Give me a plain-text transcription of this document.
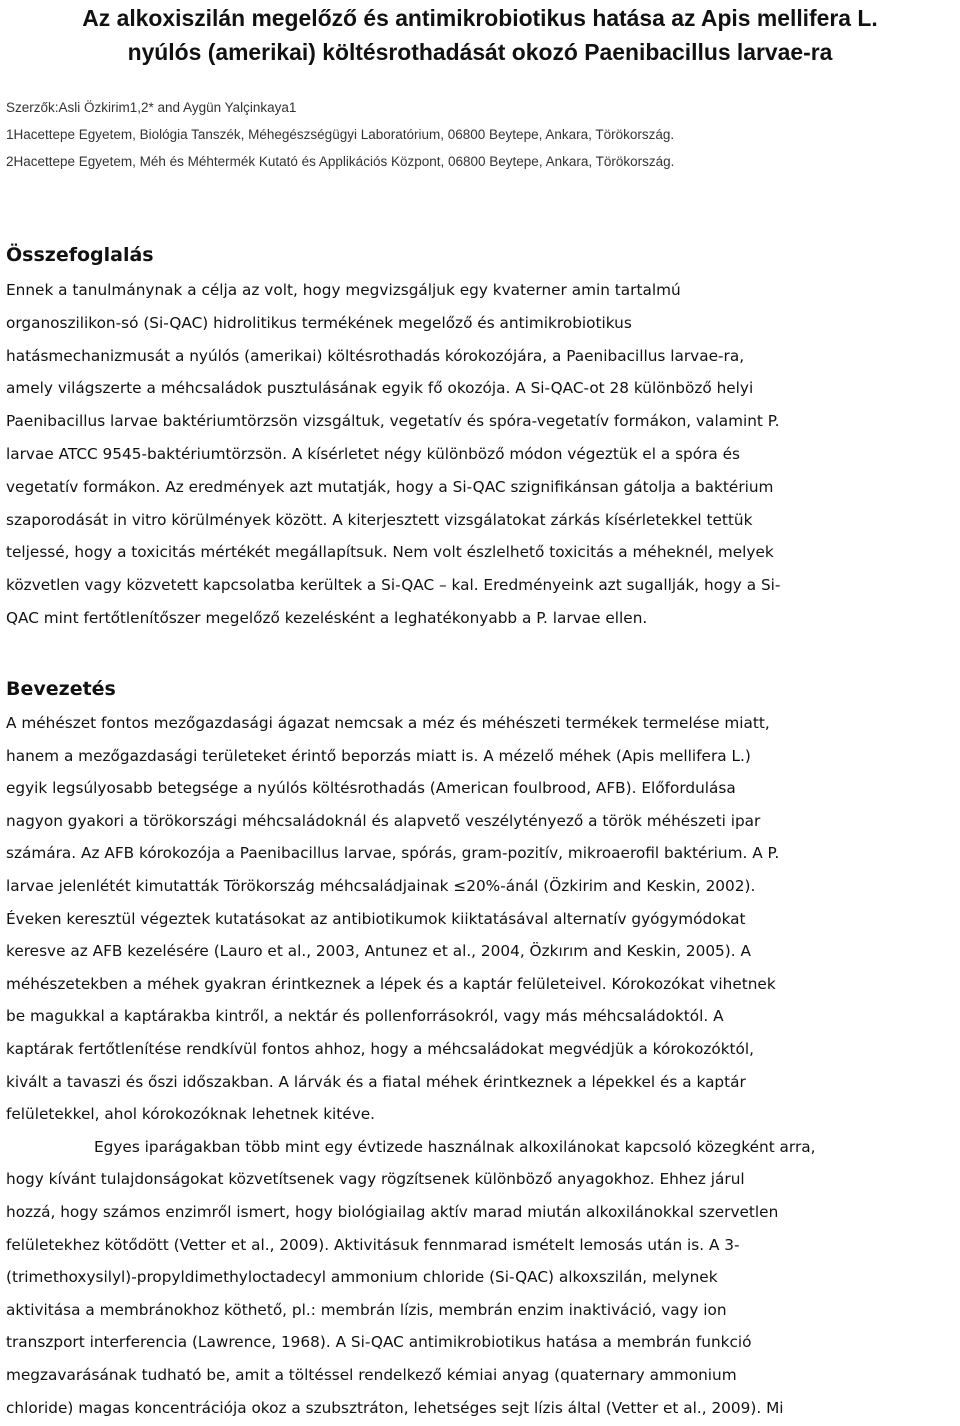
Az alkoxiszilán megelőző és antimikrobiotikus hatása az Apis mellifera L.
nyúlós (amerikai) költésrothadását okozó Paenibacillus larvae-ra
Szerzők:Asli Özkirim1,2* and Aygün Yalçinkaya1
1Hacettepe Egyetem, Biológia Tanszék, Méhegészségügyi Laboratórium, 06800 Beytepe, Ankara, Törökország.
2Hacettepe Egyetem, Méh és Méhtermék Kutató és Applikációs Központ, 06800 Beytepe, Ankara, Törökország.
Összefoglalás
Ennek a tanulmánynak a célja az volt, hogy megvizsgáljuk egy kvaterner amin tartalmú
organoszilikon-só (Si-QAC) hidrolitikus termékének megelőző és antimikrobiotikus
hatásmechanizmusát a nyúlós (amerikai) költésrothadás kórokozójára, a Paenibacillus larvae-ra,
amely világszerte a méhcsaládok pusztulásának egyik fő okozója. A Si-QAC-ot 28 különböző helyi
Paenibacillus larvae baktériumtörzsön vizsgáltuk, vegetatív és spóra-vegetatív formákon, valamint P.
larvae ATCC 9545-baktériumtörzsön. A kísérletet négy különböző módon végeztük el a spóra és
vegetatív formákon. Az eredmények azt mutatják, hogy a Si-QAC szignifikánsan gátolja a baktérium
szaporodását in vitro körülmények között. A kiterjesztett vizsgálatokat zárkás kísérletekkel tettük
teljessé, hogy a toxicitás mértékét megállapítsuk. Nem volt észlelhető toxicitás a méheknél, melyek
közvetlen vagy közvetett kapcsolatba kerültek a Si-QAC – kal. Eredményeink azt sugallják, hogy a Si-
QAC mint fertőtlenítőszer megelőző kezelésként a leghatékonyabb a P. larvae ellen.
Bevezetés
A méhészet fontos mezőgazdasági ágazat nemcsak a méz és méhészeti termékek termelése miatt,
hanem a mezőgazdasági területeket érintő beporzás miatt is. A mézelő méhek (Apis mellifera L.)
egyik legsúlyosabb betegsége a nyúlós költésrothadás (American foulbrood, AFB). Előfordulása
nagyon gyakori a törökországi méhcsaládoknál és alapvető veszélytényező a török méhészeti ipar
számára. Az AFB kórokozója a Paenibacillus larvae, spórás, gram-pozitív, mikroaerofil baktérium. A P.
larvae jelenlétét kimutatták Törökország méhcsaládjainak ≤20%-ánál (Özkirim and Keskin, 2002).
Éveken keresztül végeztek kutatásokat az antibiotikumok kiiktatásával alternatív gyógymódokat
keresve az AFB kezelésére (Lauro et al., 2003, Antunez et al., 2004, Özkırım and Keskin, 2005). A
méhészetekben a méhek gyakran érintkeznek a lépek és a kaptár felületeivel. Kórokozókat vihetnek
be magukkal a kaptárakba kintről, a nektár és pollenforrásokról, vagy más méhcsaládoktól. A
kaptárak fertőtlenítése rendkívül fontos ahhoz, hogy a méhcsaládokat megvédjük a kórokozóktól,
kivált a tavaszi és őszi időszakban. A lárvák és a fiatal méhek érintkeznek a lépekkel és a kaptár
felületekkel, ahol kórokozóknak lehetnek kitéve.
Egyes iparágakban több mint egy évtizede használnak alkoxilánokat kapcsoló közegként arra,
hogy kívánt tulajdonságokat közvetítsenek vagy rögzítsenek különböző anyagokhoz. Ehhez járul
hozzá, hogy számos enzimről ismert, hogy biológiailag aktív marad miután alkoxilánokkal szervetlen
felületekhez kötődött (Vetter et al., 2009). Aktivitásuk fennmarad ismételt lemosás után is. A 3-
(trimethoxysilyl)-propyldimethyloctadecyl ammonium chloride (Si-QAC) alkoxszilán, melynek
aktivitása a membránokhoz köthető, pl.: membrán lízis, membrán enzim inaktiváció, vagy ion
transzport interferencia (Lawrence, 1968). A Si-QAC antimikrobiotikus hatása a membrán funkció
megzavarásának tudható be, amit a töltéssel rendelkező kémiai anyag (quaternary ammonium
chloride) magas koncentrációja okoz a szubsztráton, lehetséges sejt lízis által (Vetter et al., 2009). Mi
